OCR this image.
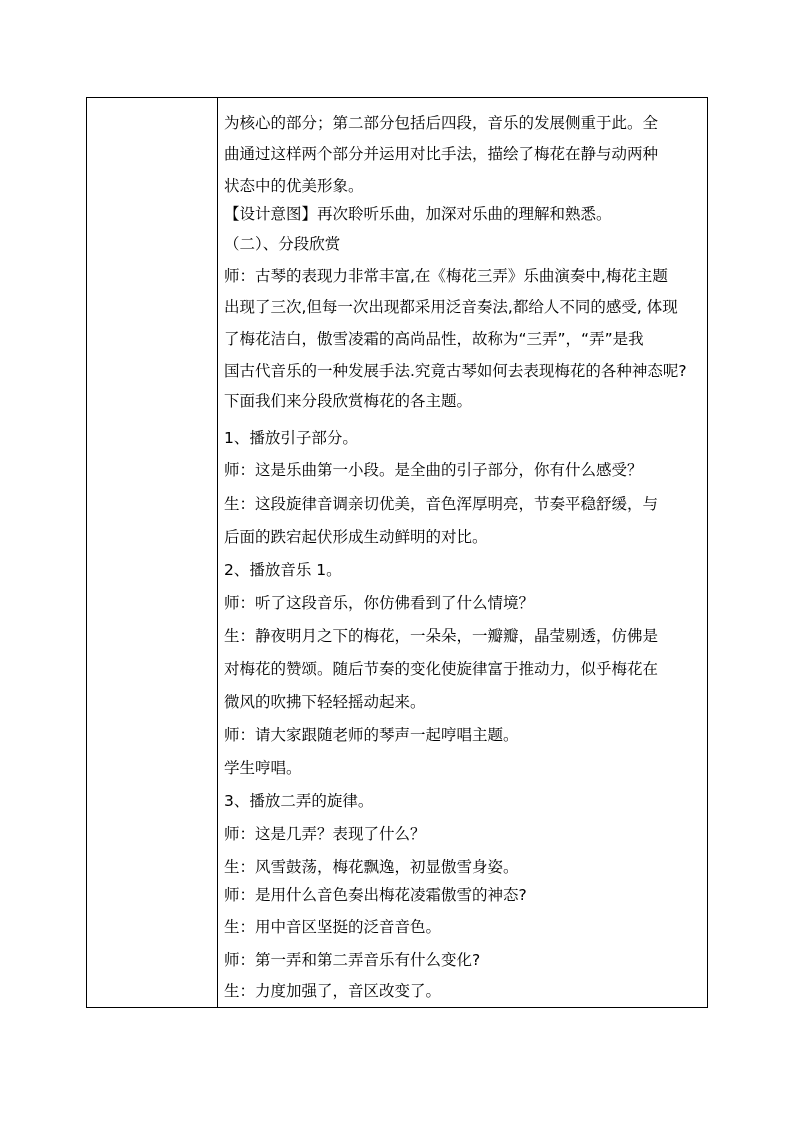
为核心的部分；第二部分包括后四段，音乐的发展侧重于此。全
曲通过这样两个部分并运用对比手法，描绘了梅花在静与动两种
状态中的优美形象。
【设计意图】再次聆听乐曲，加深对乐曲的理解和熟悉。
（二）、分段欣赏
师：古琴的表现力非常丰富,在《梅花三弄》乐曲演奏中,梅花主题
出现了三次,但每一次出现都采用泛音奏法,都给人不同的感受, 体现
了梅花洁白，傲雪凌霜的高尚品性，故称为“三弄”，“弄”是我
国古代音乐的一种发展手法.究竟古琴如何去表现梅花的各种神态呢?
下面我们来分段欣赏梅花的各主题。
1、播放引子部分。
师：这是乐曲第一小段。是全曲的引子部分，你有什么感受？
生：这段旋律音调亲切优美，音色浑厚明亮，节奏平稳舒缓，与
后面的跌宕起伏形成生动鲜明的对比。
2、播放音乐 1。
师：听了这段音乐，你仿佛看到了什么情境？
生：静夜明月之下的梅花，一朵朵，一瓣瓣，晶莹剔透，仿佛是
对梅花的赞颂。随后节奏的变化使旋律富于推动力，似乎梅花在
微风的吹拂下轻轻摇动起来。
师：请大家跟随老师的琴声一起哼唱主题。
学生哼唱。
3、播放二弄的旋律。
师：这是几弄？表现了什么？
生：风雪鼓荡，梅花飘逸，初显傲雪身姿。
师：是用什么音色奏出梅花凌霜傲雪的神态?
生：用中音区坚挺的泛音音色。
师：第一弄和第二弄音乐有什么变化?
生：力度加强了，音区改变了。
